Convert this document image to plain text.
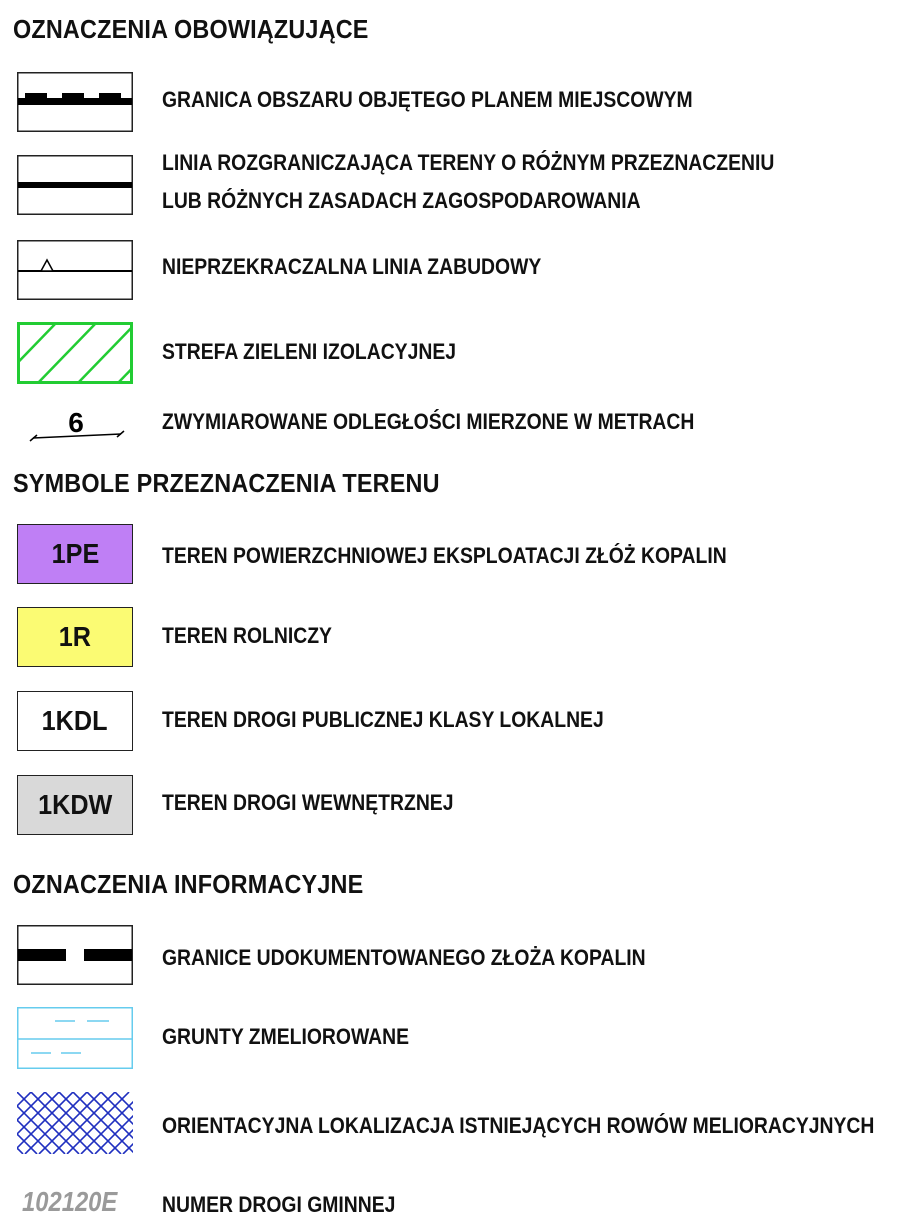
OZNACZENIA OBOWIĄZUJĄCE
GRANICA OBSZARU OBJĘTEGO PLANEM MIEJSCOWYM
LINIA ROZGRANICZAJĄCA TERENY O RÓŻNYM PRZEZNACZENIU
LUB RÓŻNYCH ZASADACH ZAGOSPODAROWANIA
NIEPRZEKRACZALNA LINIA ZABUDOWY
STREFA ZIELENI IZOLACYJNEJ
6	ZWYMIAROWANE ODLEGŁOŚCI MIERZONE W METRACH
SYMBOLE PRZEZNACZENIA TERENU
1PE	TEREN POWIERZCHNIOWEJ EKSPLOATACJI ZŁÓŻ KOPALIN
1R	TEREN ROLNICZY
1KDL TEREN DROGI PUBLICZNEJ KLASY LOKALNEJ
1KDW TEREN DROGI WEWNĘTRZNEJ
OZNACZENIA INFORMACYJNE
GRANICE UDOKUMENTOWANEGO ZŁOŻA KOPALIN
GRUNTY ZMELIOROWANE
ORIENTACYJNA LOKALIZACJA ISTNIEJĄCYCH ROWÓW MELIORACYJNYCH
102120E NUMER DROGI GMINNEJ
